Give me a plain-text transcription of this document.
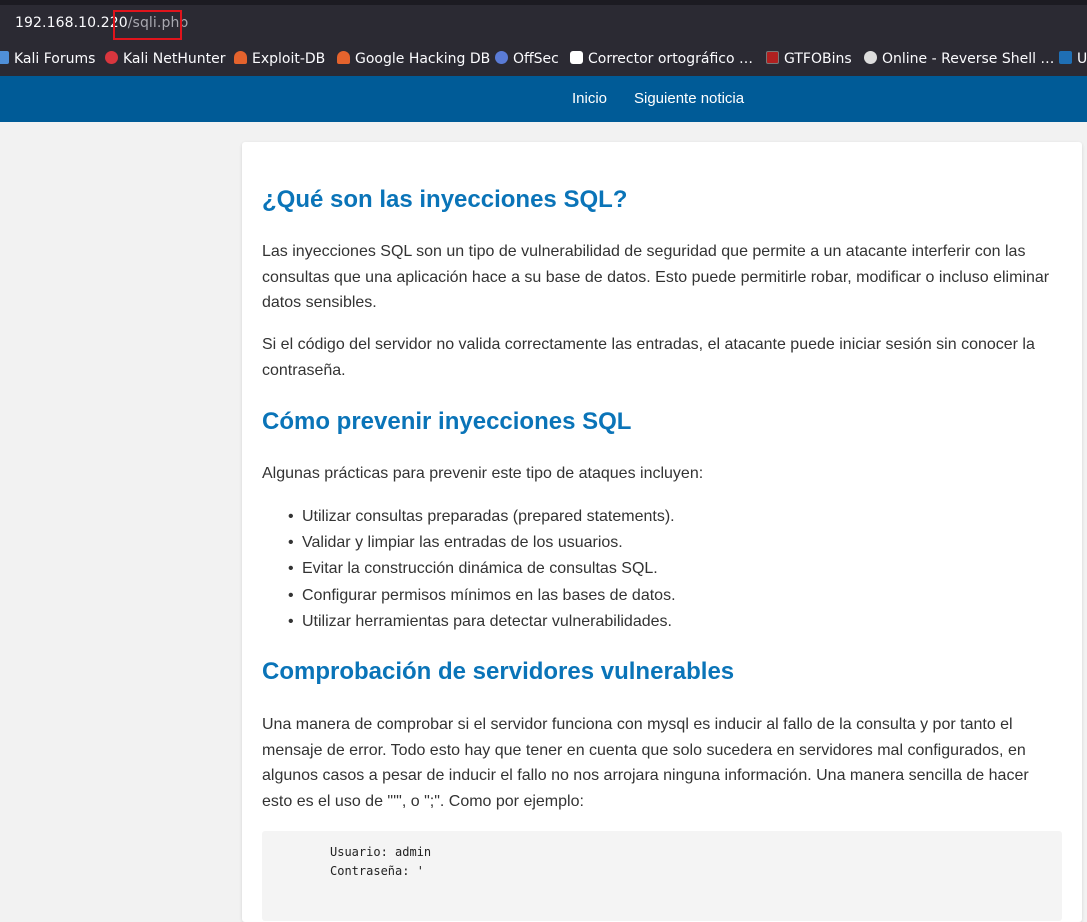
192.168.10.220/sqli.php
Kali Forums	Kali NetHunter	Exploit-DB	Google Hacking DB	OffSec	Corrector ortográfico …	GTFOBins	Online - Reverse Shell …	U
Inicio Siguiente noticia
¿Qué son las inyecciones SQL?

Las inyecciones SQL son un tipo de vulnerabilidad de seguridad que permite a un atacante interferir con las consultas que una aplicación hace a su base de datos. Esto puede permitirle robar, modificar o incluso eliminar datos sensibles.

Si el código del servidor no valida correctamente las entradas, el atacante puede iniciar sesión sin conocer la contraseña.

Cómo prevenir inyecciones SQL

Algunas prácticas para prevenir este tipo de ataques incluyen:

• Utilizar consultas preparadas (prepared statements).
• Validar y limpiar las entradas de los usuarios.
• Evitar la construcción dinámica de consultas SQL.
• Configurar permisos mínimos en las bases de datos.
• Utilizar herramientas para detectar vulnerabilidades.
Comprobación de servidores vulnerables

Una manera de comprobar si el servidor funciona con mysql es inducir al fallo de la consulta y por tanto el mensaje de error. Todo esto hay que tener en cuenta que solo sucedera en servidores mal configurados, en algunos casos a pesar de inducir el fallo no nos arrojara ninguna información. Una manera sencilla de hacer esto es el uso de "'", o ";". Como por ejemplo:

Usuario: admin
Contraseña: '
